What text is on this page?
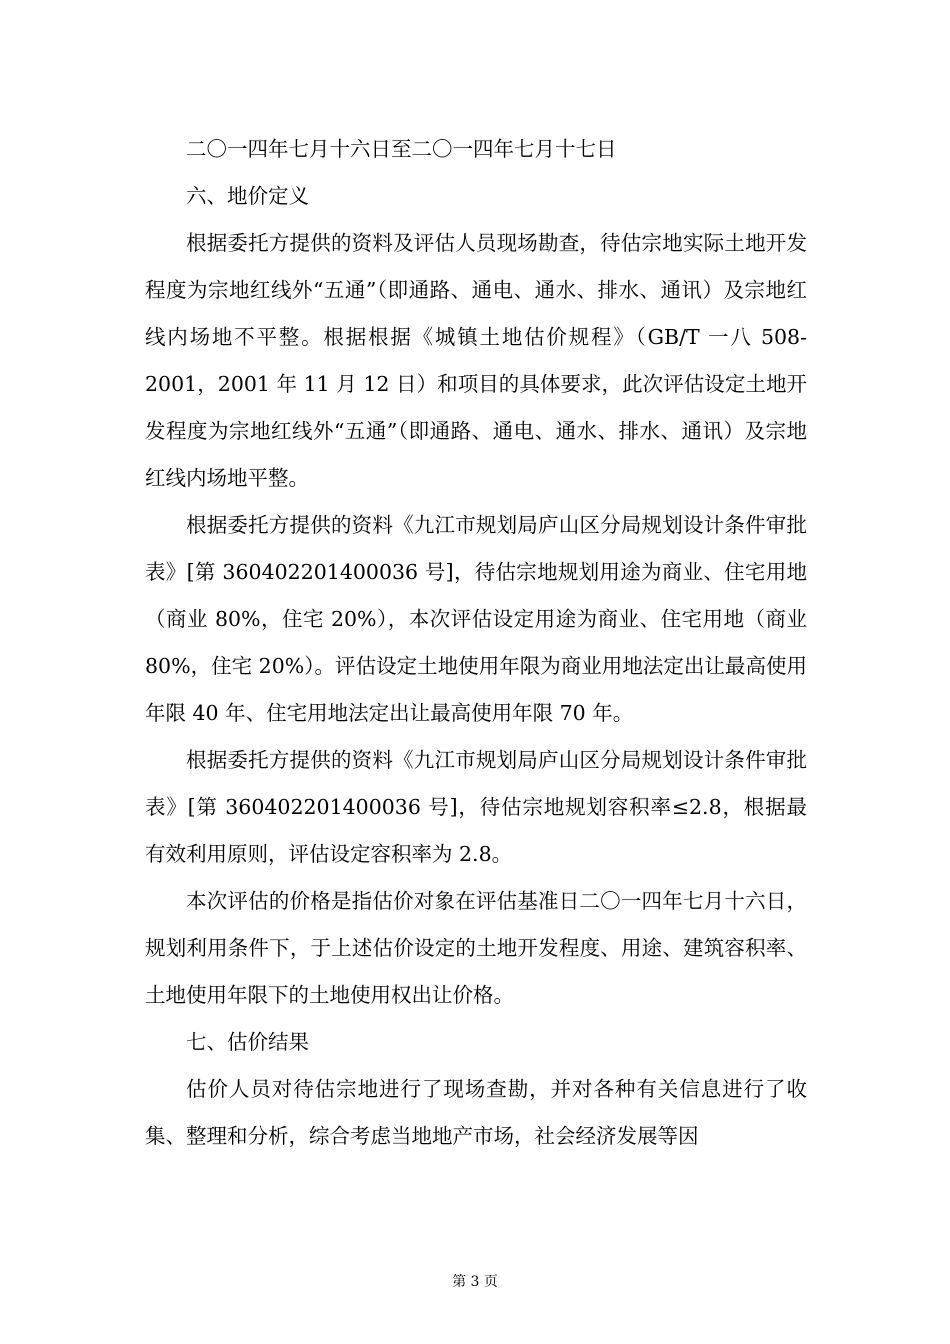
二〇一四年七月十六日至二〇一四年七月十七日

六、地价定义

根据委托方提供的资料及评估人员现场勘查，待估宗地实际土地开发程度为宗地红线外“五通”（即通路、通电、通水、排水、通讯）及宗地红线内场地不平整。根据根据《城镇土地估价规程》（GB/T 一八 508-2001，2001 年 11 月 12 日）和项目的具体要求，此次评估设定土地开发程度为宗地红线外“五通”（即通路、通电、通水、排水、通讯）及宗地红线内场地平整。

根据委托方提供的资料《九江市规划局庐山区分局规划设计条件审批表》[第 360402201400036 号]，待估宗地规划用途为商业、住宅用地（商业 80%，住宅 20%），本次评估设定用途为商业、住宅用地（商业 80%，住宅 20%）。评估设定土地使用年限为商业用地法定出让最高使用年限 40 年、住宅用地法定出让最高使用年限 70 年。

根据委托方提供的资料《九江市规划局庐山区分局规划设计条件审批表》[第 360402201400036 号]，待估宗地规划容积率≤2.8，根据最有效利用原则，评估设定容积率为 2.8。

本次评估的价格是指估价对象在评估基准日二〇一四年七月十六日，规划利用条件下，于上述估价设定的土地开发程度、用途、建筑容积率、土地使用年限下的土地使用权出让价格。

七、估价结果

估价人员对待估宗地进行了现场查勘，并对各种有关信息进行了收集、整理和分析，综合考虑当地地产市场，社会经济发展等因

第 3 页
